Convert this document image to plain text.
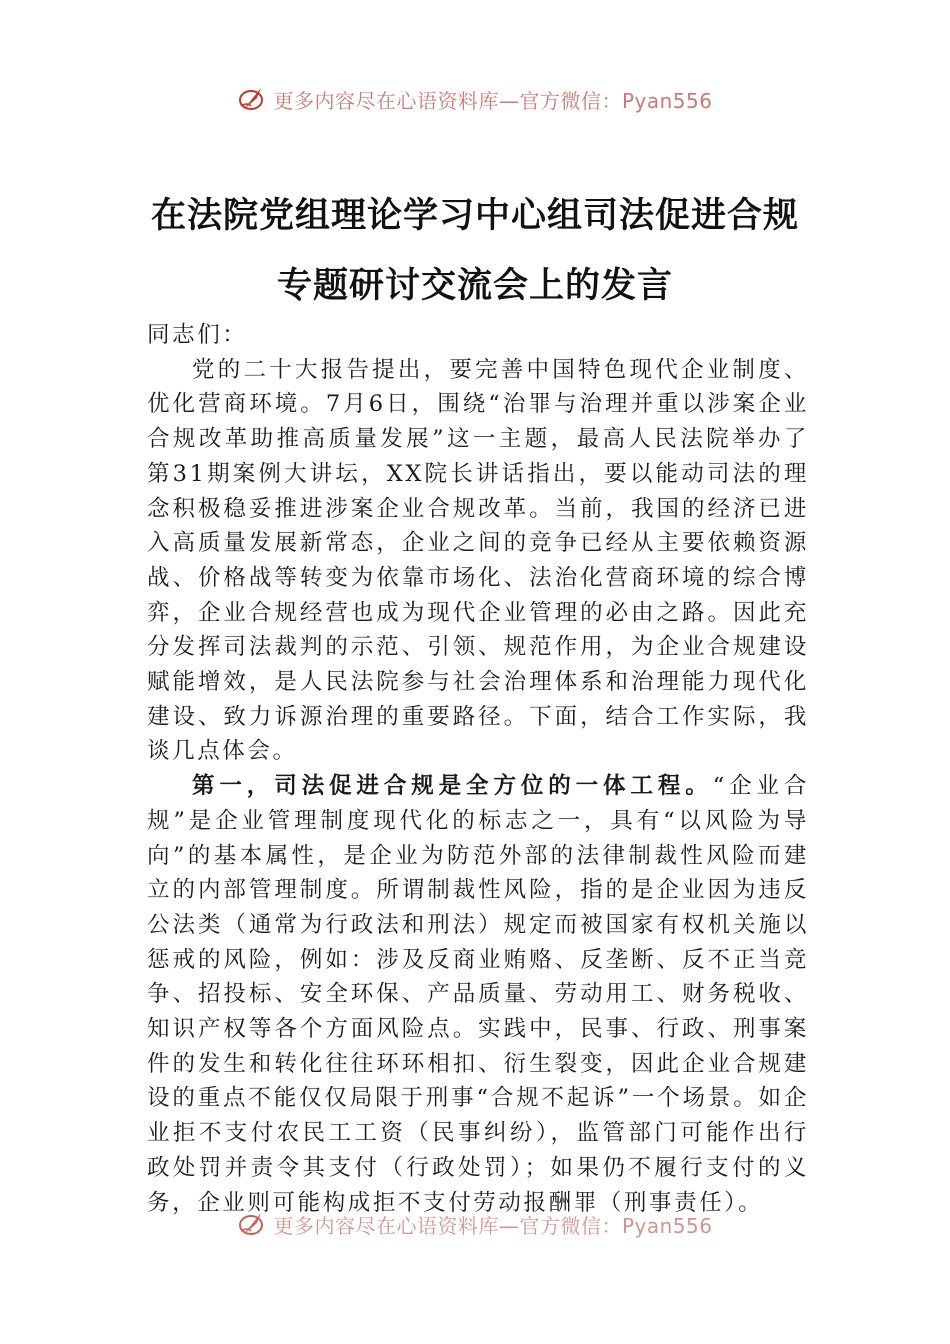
更多内容尽在心语资料库—官方微信：Pyan556
在法院党组理论学习中心组司法促进合规
专题研讨交流会上的发言

同志们：

党的二十大报告提出，要完善中国特色现代企业制度、优化营商环境。7月6日，围绕“治罪与治理并重以涉案企业合规改革助推高质量发展”这一主题，最高人民法院举办了第31期案例大讲坛，XX院长讲话指出，要以能动司法的理念积极稳妥推进涉案企业合规改革。当前，我国的经济已进入高质量发展新常态，企业之间的竞争已经从主要依赖资源战、价格战等转变为依靠市场化、法治化营商环境的综合博弈，企业合规经营也成为现代企业管理的必由之路。因此充分发挥司法裁判的示范、引领、规范作用，为企业合规建设赋能增效，是人民法院参与社会治理体系和治理能力现代化建设、致力诉源治理的重要路径。下面，结合工作实际，我谈几点体会。

第一，司法促进合规是全方位的一体工程。“企业合规”是企业管理制度现代化的标志之一，具有“以风险为导向”的基本属性，是企业为防范外部的法律制裁性风险而建立的内部管理制度。所谓制裁性风险，指的是企业因为违反公法类（通常为行政法和刑法）规定而被国家有权机关施以惩戒的风险，例如：涉及反商业贿赂、反垄断、反不正当竞争、招投标、安全环保、产品质量、劳动用工、财务税收、知识产权等各个方面风险点。实践中，民事、行政、刑事案件的发生和转化往往环环相扣、衍生裂变，因此企业合规建设的重点不能仅仅局限于刑事“合规不起诉”一个场景。如企业拒不支付农民工工资（民事纠纷），监管部门可能作出行政处罚并责令其支付（行政处罚）；如果仍不履行支付的义务，企业则可能构成拒不支付劳动报酬罪（刑事责任）。

更多内容尽在心语资料库—官方微信：Pyan556
